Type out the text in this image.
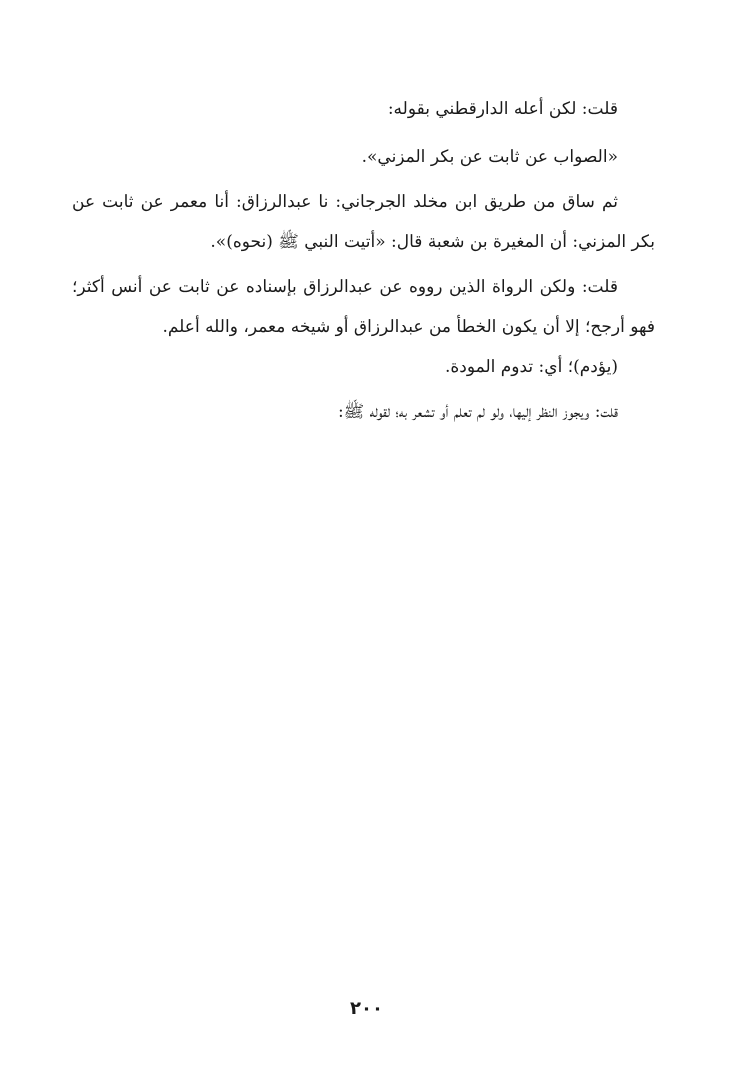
قلت: لكن أعله الدارقطني بقوله:
«الصواب عن ثابت عن بكر المزني».
ثم ساق من طريق ابن مخلد الجرجاني: نا عبدالرزاق: أنا معمر عن ثابت عن
بكر المزني: أن المغيرة بن شعبة قال: «أتيت النبي ﷺ (نحوه)».
قلت: ولكن الرواة الذين رووه عن عبدالرزاق بإسناده عن ثابت عن أنس أكثر؛
فهو أرجح؛ إلا أن يكون الخطأ من عبدالرزاق أو شيخه معمر، والله أعلم.
(يؤدم)؛ أي: تدوم المودة.
قلت: ويجوز النظر إليها، ولو لم تعلم أو تشعر به؛ لقوله ﷺ:
٢٠٠
